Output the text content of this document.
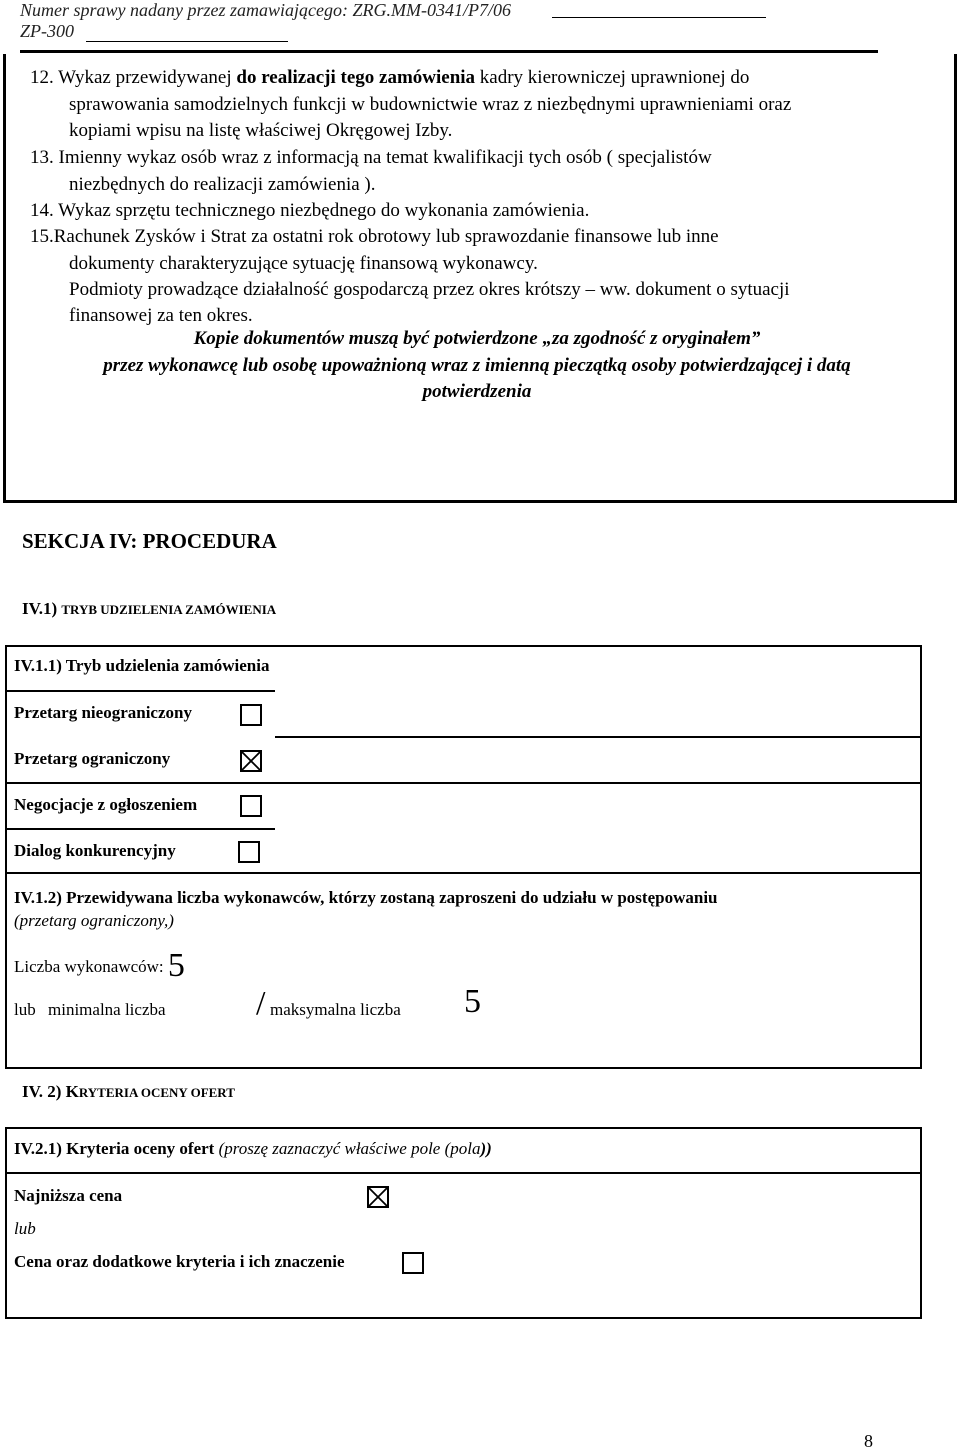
Numer sprawy nadany przez zamawiającego: ZRG.MM-0341/P7/06
ZP-300
12. Wykaz przewidywanej do realizacji tego zamówienia kadry kierowniczej uprawnionej do
sprawowania samodzielnych funkcji w budownictwie wraz z niezbędnymi uprawnieniami oraz
kopiami wpisu na listę właściwej Okręgowej Izby.
13. Imienny wykaz osób wraz z informacją na temat kwalifikacji tych osób ( specjalistów
niezbędnych do realizacji zamówienia ).
14. Wykaz sprzętu technicznego niezbędnego do wykonania zamówienia.
15.Rachunek Zysków i Strat za ostatni rok obrotowy lub sprawozdanie finansowe lub inne
dokumenty charakteryzujące sytuację finansową wykonawcy.
Podmioty prowadzące działalność gospodarczą przez okres krótszy – ww. dokument o sytuacji
finansowej za ten okres.
Kopie dokumentów muszą być potwierdzone „za zgodność z oryginałem”
przez wykonawcę lub osobę upoważnioną wraz z imienną pieczątką osoby potwierdzającej i datą
potwierdzenia
SEKCJA IV: PROCEDURA
IV.1) TRYB UDZIELENIA ZAMÓWIENIA
IV.1.1) Tryb udzielenia zamówienia
Przetarg nieograniczony
Przetarg ograniczony
Negocjacje z ogłoszeniem
Dialog konkurencyjny
IV.1.2) Przewidywana liczba wykonawców, którzy zostaną zaproszeni do udziału w postępowaniu
(przetarg ograniczony,)
Liczba wykonawców: 5
lub minimalna liczba	/ maksymalna liczba 5
IV. 2) KRYTERIA OCENY OFERT
IV.2.1) Kryteria oceny ofert (proszę zaznaczyć właściwe pole (pola))
Najniższa cena
lub
Cena oraz dodatkowe kryteria i ich znaczenie
8
